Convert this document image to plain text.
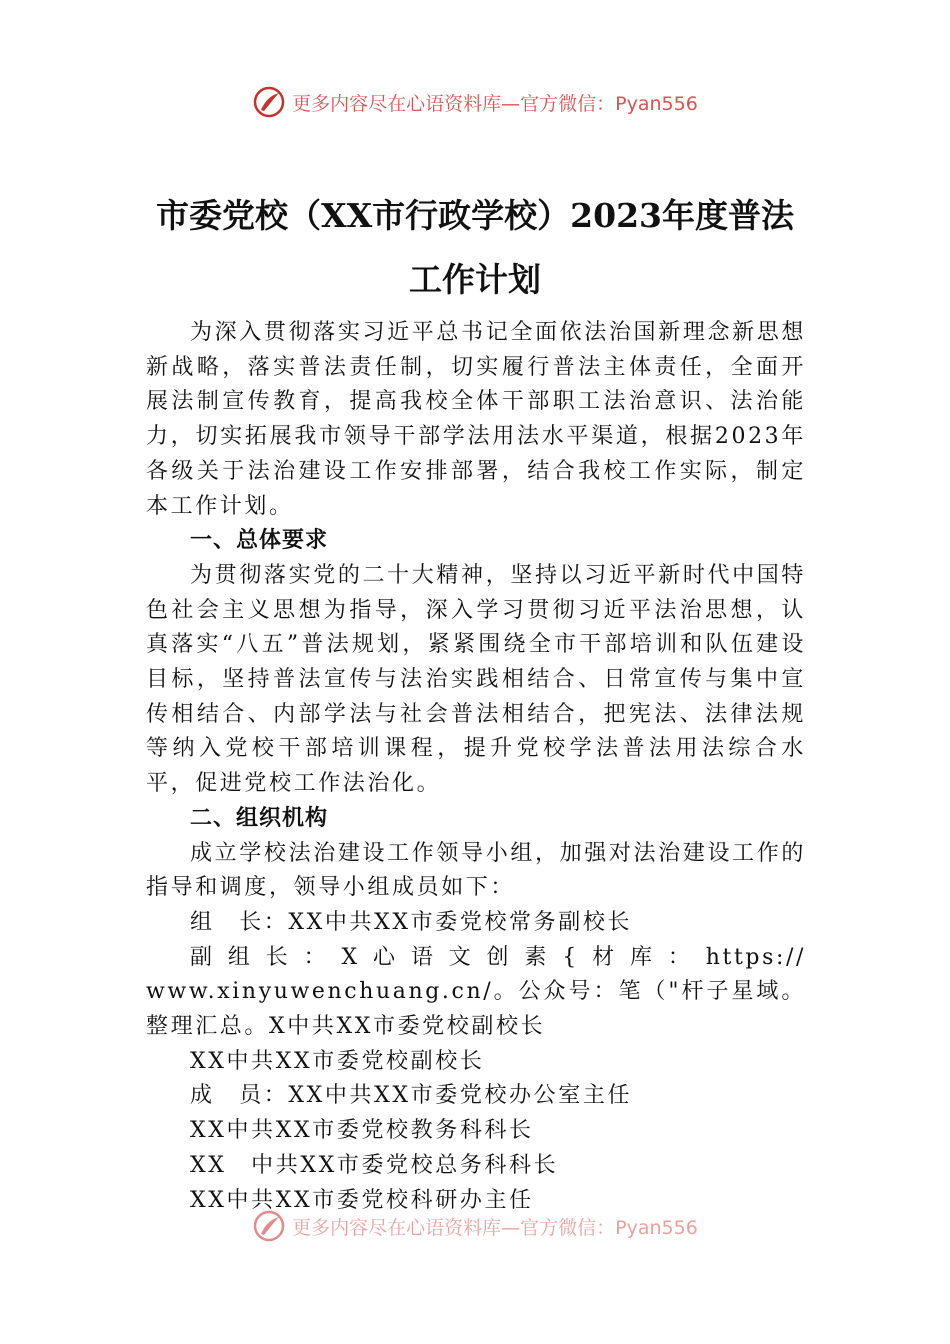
更多内容尽在心语资料库—官方微信：Pyan556
市委党校（XX市行政学校）2023年度普法
工作计划

为深入贯彻落实习近平总书记全面依法治国新理念新思想新战略，落实普法责任制，切实履行普法主体责任，全面开展法制宣传教育，提高我校全体干部职工法治意识、法治能力，切实拓展我市领导干部学法用法水平渠道，根据2023年各级关于法治建设工作安排部署，结合我校工作实际，制定本工作计划。

一、总体要求

为贯彻落实党的二十大精神，坚持以习近平新时代中国特色社会主义思想为指导，深入学习贯彻习近平法治思想，认真落实“八五”普法规划，紧紧围绕全市干部培训和队伍建设目标，坚持普法宣传与法治实践相结合、日常宣传与集中宣传相结合、内部学法与社会普法相结合，把宪法、法律法规等纳入党校干部培训课程，提升党校学法普法用法综合水平，促进党校工作法治化。

二、组织机构

成立学校法治建设工作领导小组，加强对法治建设工作的指导和调度，领导小组成员如下：

组　长：XX中共XX市委党校常务副校长

副组长：X心语文创素{材库：https://

www.xinyuwenchuang.cn/。公众号：笔（"杆子星域。整理汇总。X中共XX市委党校副校长

XX中共XX市委党校副校长

成　员：XX中共XX市委党校办公室主任

XX中共XX市委党校教务科科长

XX　中共XX市委党校总务科科长

XX中共XX市委党校科研办主任

更多内容尽在心语资料库—官方微信：Pyan556
